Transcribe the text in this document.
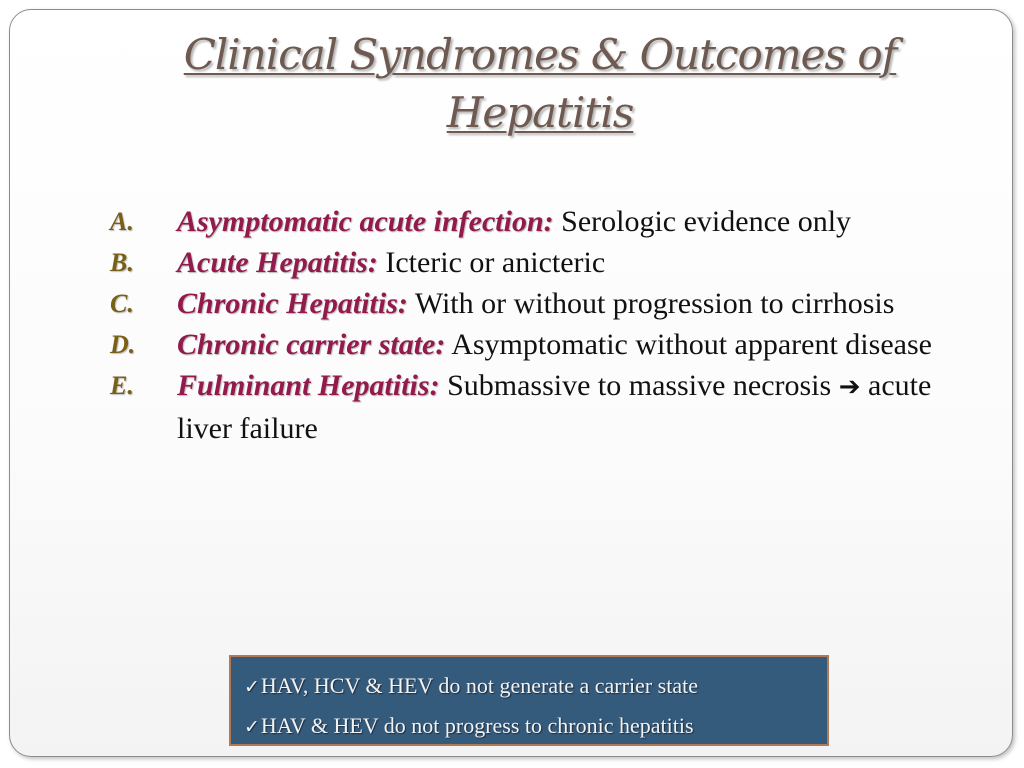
Clinical Syndromes & Outcomes of
Hepatitis
A. Asymptomatic acute infection: Serologic evidence only
B. Acute Hepatitis: Icteric or anicteric
C. Chronic Hepatitis: With or without progression to cirrhosis
D. Chronic carrier state: Asymptomatic without apparent disease
E. Fulminant Hepatitis: Submassive to massive necrosis ➔ acute liver failure
✓HAV, HCV & HEV do not generate a carrier state
✓HAV & HEV do not progress to chronic hepatitis
